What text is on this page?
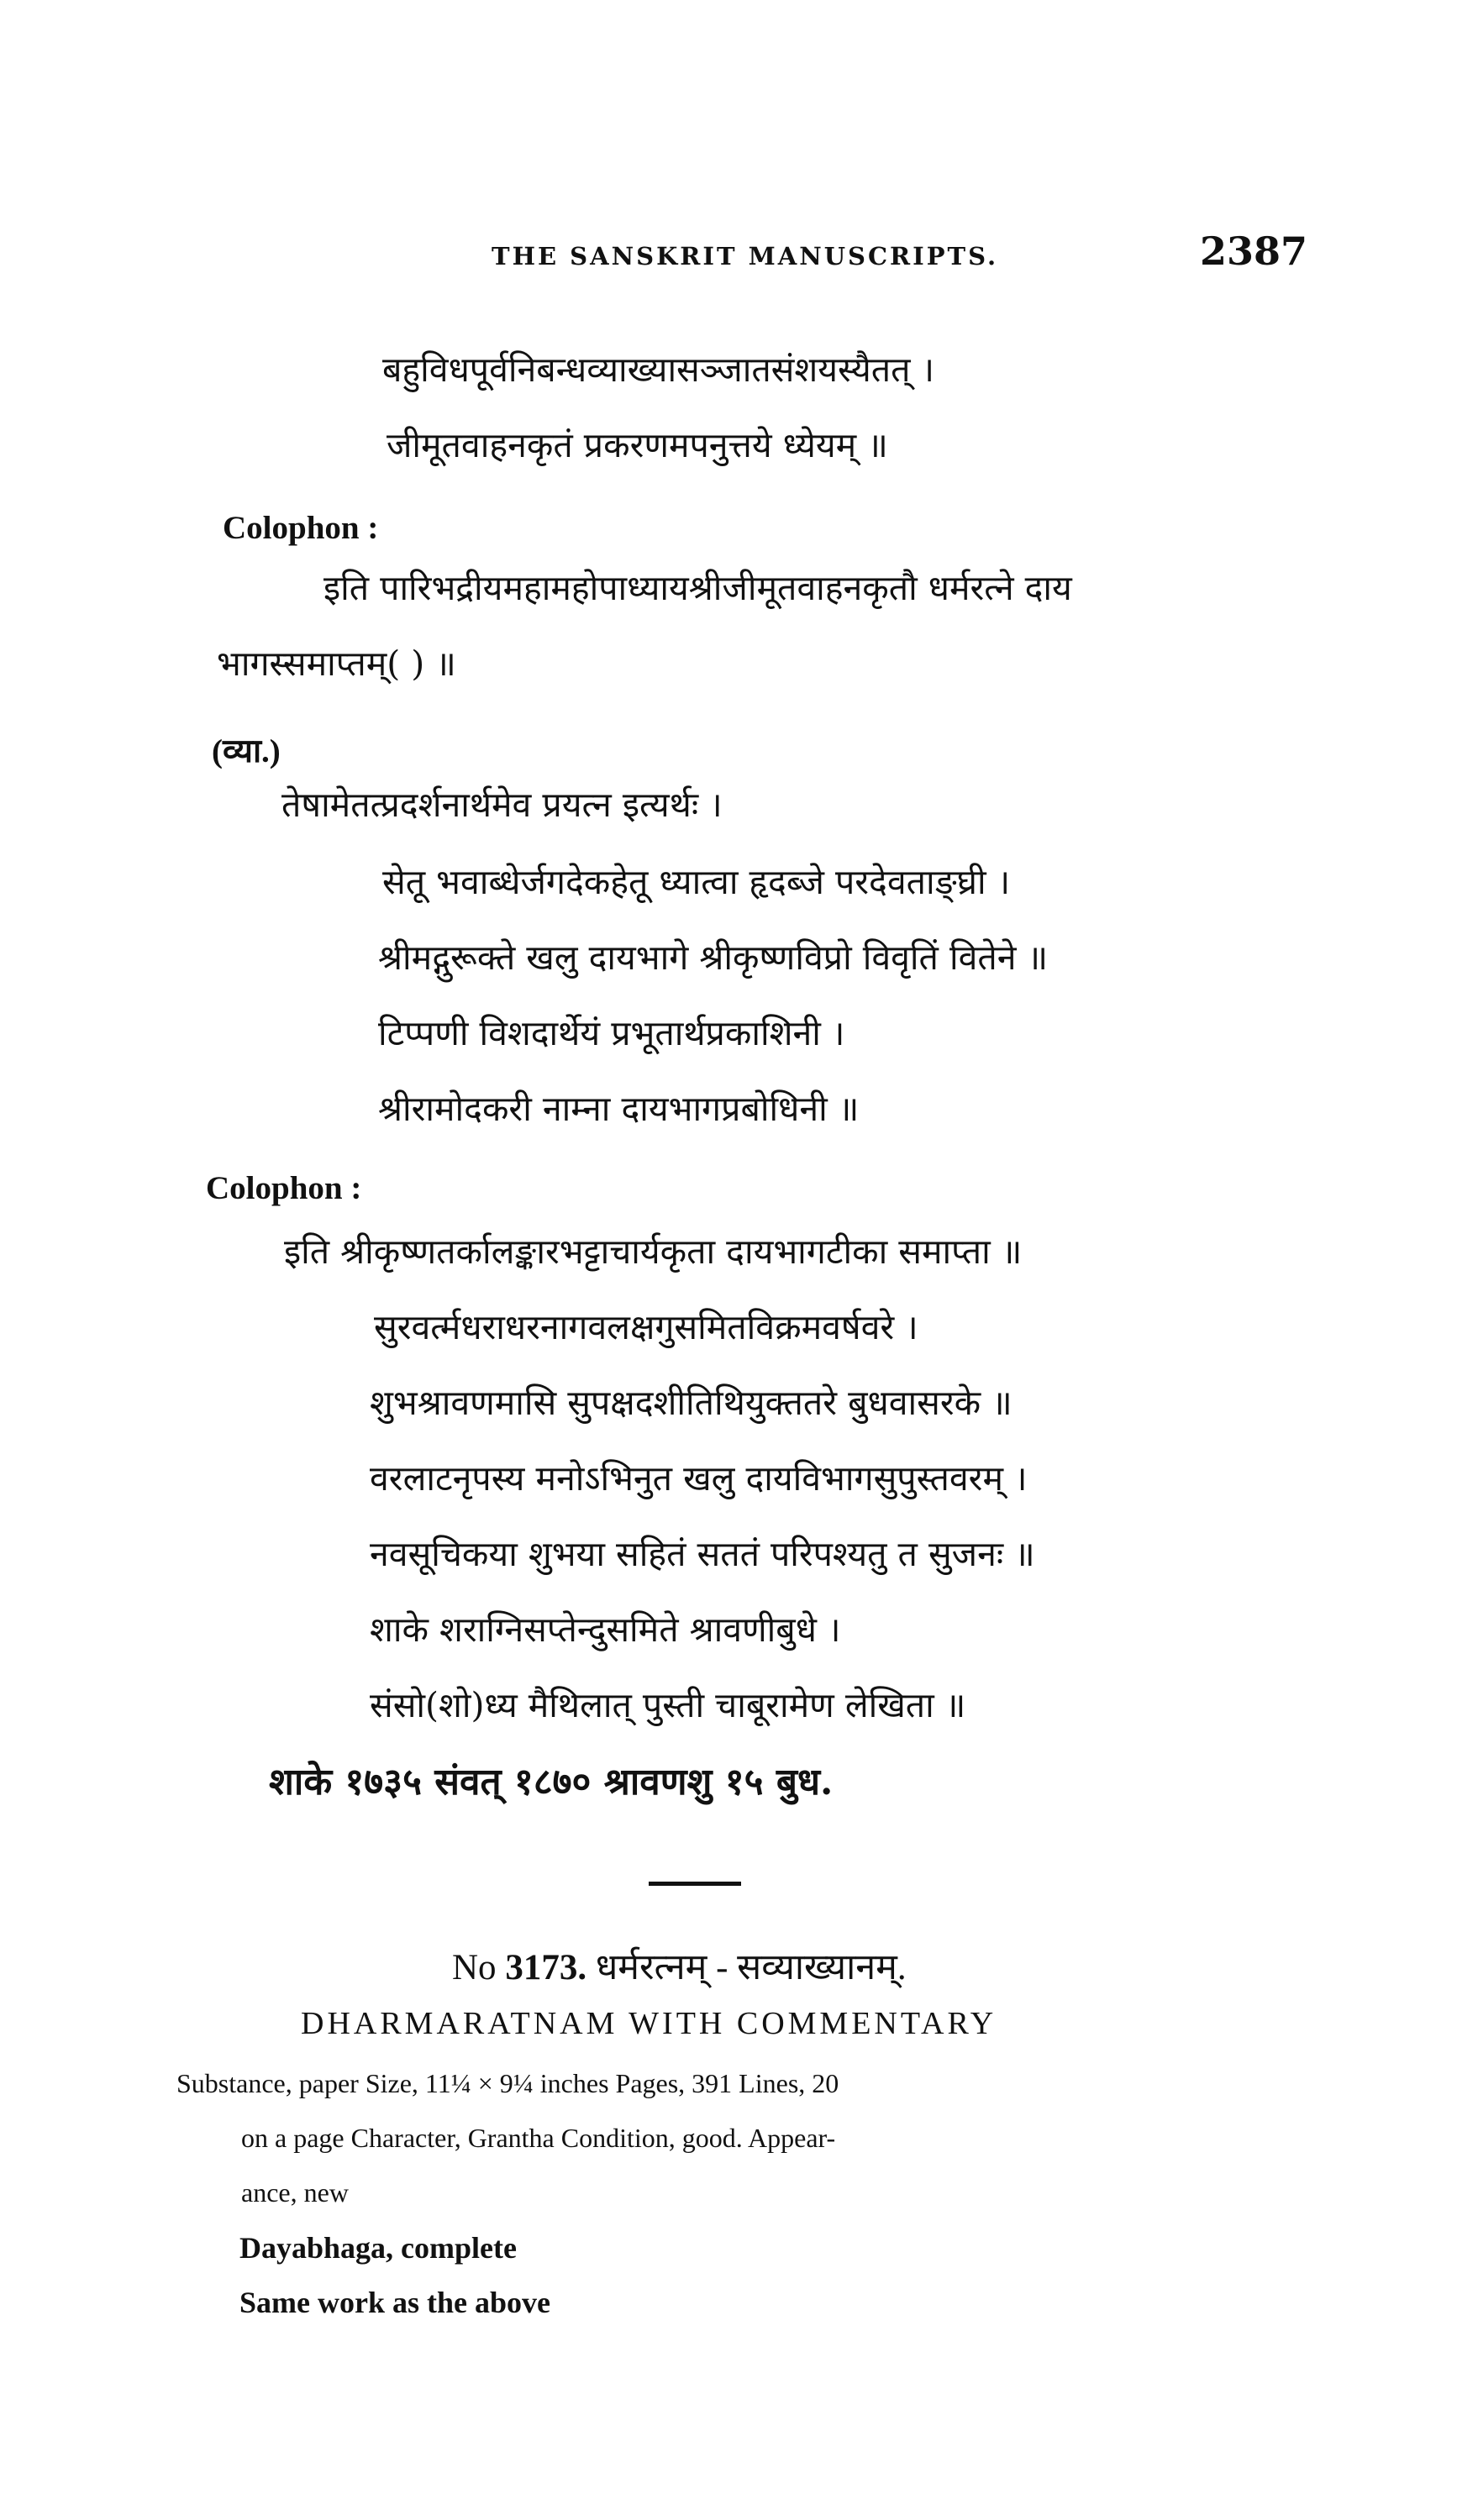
THE SANSKRIT MANUSCRIPTS.	2387
बहुविधपूर्वनिबन्धव्याख्यासञ्जातसंशयस्यैतत् ।
जीमूतवाहनकृतं प्रकरणमपनुत्तये ध्येयम् ॥
Colophon :
इति पारिभद्रीयमहामहोपाध्यायश्रीजीमूतवाहनकृतौ धर्मरत्ने दाय
भागस्समाप्तम्( ) ॥
(व्या.)
तेषामेतत्प्रदर्शनार्थमेव प्रयत्न इत्यर्थः ।
सेतू भवाब्धेर्जगदेकहेतू ध्यात्वा हृदब्जे परदेवताङ्घ्री ।
श्रीमद्गुरूक्ते खलु दायभागे श्रीकृष्णविप्रो विवृतिं वितेने ॥
टिप्पणी विशदार्थेयं प्रभूतार्थप्रकाशिनी ।
श्रीरामोदकरी नाम्ना दायभागप्रबोधिनी ॥
Colophon :
इति श्रीकृष्णतर्कालङ्कारभट्टाचार्यकृता दायभागटीका समाप्ता ॥
सुरवर्त्मधराधरनागवलक्षगुसमितविक्रमवर्षवरे ।
शुभश्रावणमासि सुपक्षदशीतिथियुक्ततरे बुधवासरके ॥
वरलाटनृपस्य मनोऽभिनुत खलु दायविभागसुपुस्तवरम् ।
नवसूचिकया शुभया सहितं सततं परिपश्यतु त सुजनः ॥
शाके शराग्निसप्तेन्दुसमिते श्रावणीबुधे ।
संसो(शो)ध्य मैथिलात् पुस्ती चाबूरामेण लेखिता ॥
शाके १७३५ संवत् १८७० श्रावणशु १५ बुध.
No 3173. धर्मरत्नम् - सव्याख्यानम्.
DHARMARATNAM WITH COMMENTARY
Substance, paper Size, 11¼ × 9¼ inches Pages, 391 Lines, 20
on a page Character, Grantha Condition, good. Appear-
ance, new
Dayabhaga, complete
Same work as the above
